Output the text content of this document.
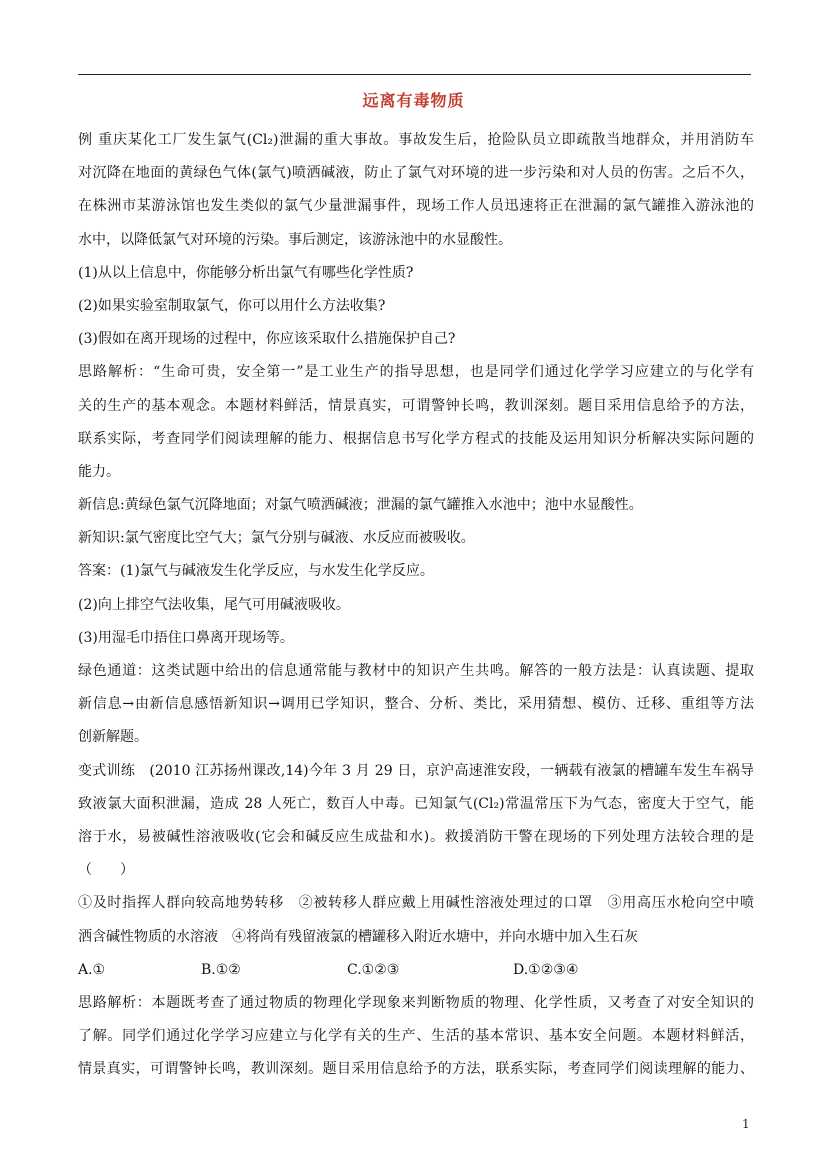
远离有毒物质
例 重庆某化工厂发生氯气(Cl₂)泄漏的重大事故。事故发生后，抢险队员立即疏散当地群众，并用消防车
对沉降在地面的黄绿色气体(氯气)喷洒碱液，防止了氯气对环境的进一步污染和对人员的伤害。之后不久，
在株洲市某游泳馆也发生类似的氯气少量泄漏事件，现场工作人员迅速将正在泄漏的氯气罐推入游泳池的
水中，以降低氯气对环境的污染。事后测定，该游泳池中的水显酸性。
(1)从以上信息中，你能够分析出氯气有哪些化学性质?
(2)如果实验室制取氯气，你可以用什么方法收集?
(3)假如在离开现场的过程中，你应该采取什么措施保护自己?
思路解析：“生命可贵，安全第一”是工业生产的指导思想，也是同学们通过化学学习应建立的与化学有
关的生产的基本观念。本题材料鲜活，情景真实，可谓警钟长鸣，教训深刻。题目采用信息给予的方法，
联系实际，考查同学们阅读理解的能力、根据信息书写化学方程式的技能及运用知识分析解决实际问题的
能力。
新信息:黄绿色氯气沉降地面；对氯气喷洒碱液；泄漏的氯气罐推入水池中；池中水显酸性。
新知识:氯气密度比空气大；氯气分别与碱液、水反应而被吸收。
答案：(1)氯气与碱液发生化学反应，与水发生化学反应。
(2)向上排空气法收集，尾气可用碱液吸收。
(3)用湿毛巾捂住口鼻离开现场等。
绿色通道：这类试题中给出的信息通常能与教材中的知识产生共鸣。解答的一般方法是：认真读题、提取
新信息→由新信息感悟新知识→调用已学知识，整合、分析、类比，采用猜想、模仿、迁移、重组等方法
创新解题。
变式训练　(2010 江苏扬州课改,14)今年 3 月 29 日，京沪高速淮安段，一辆载有液氯的槽罐车发生车祸导
致液氯大面积泄漏，造成 28 人死亡，数百人中毒。已知氯气(Cl₂)常温常压下为气态，密度大于空气，能
溶于水，易被碱性溶液吸收(它会和碱反应生成盐和水)。救援消防干警在现场的下列处理方法较合理的是
（　　）
①及时指挥人群向较高地势转移　②被转移人群应戴上用碱性溶液处理过的口罩　③用高压水枪向空中喷
洒含碱性物质的水溶液　④将尚有残留液氯的槽罐移入附近水塘中，并向水塘中加入生石灰
A.①	B.①②	C.①②③	D.①②③④
思路解析：本题既考查了通过物质的物理化学现象来判断物质的物理、化学性质，又考查了对安全知识的
了解。同学们通过化学学习应建立与化学有关的生产、生活的基本常识、基本安全问题。本题材料鲜活，
情景真实，可谓警钟长鸣，教训深刻。题目采用信息给予的方法，联系实际，考查同学们阅读理解的能力、
1
